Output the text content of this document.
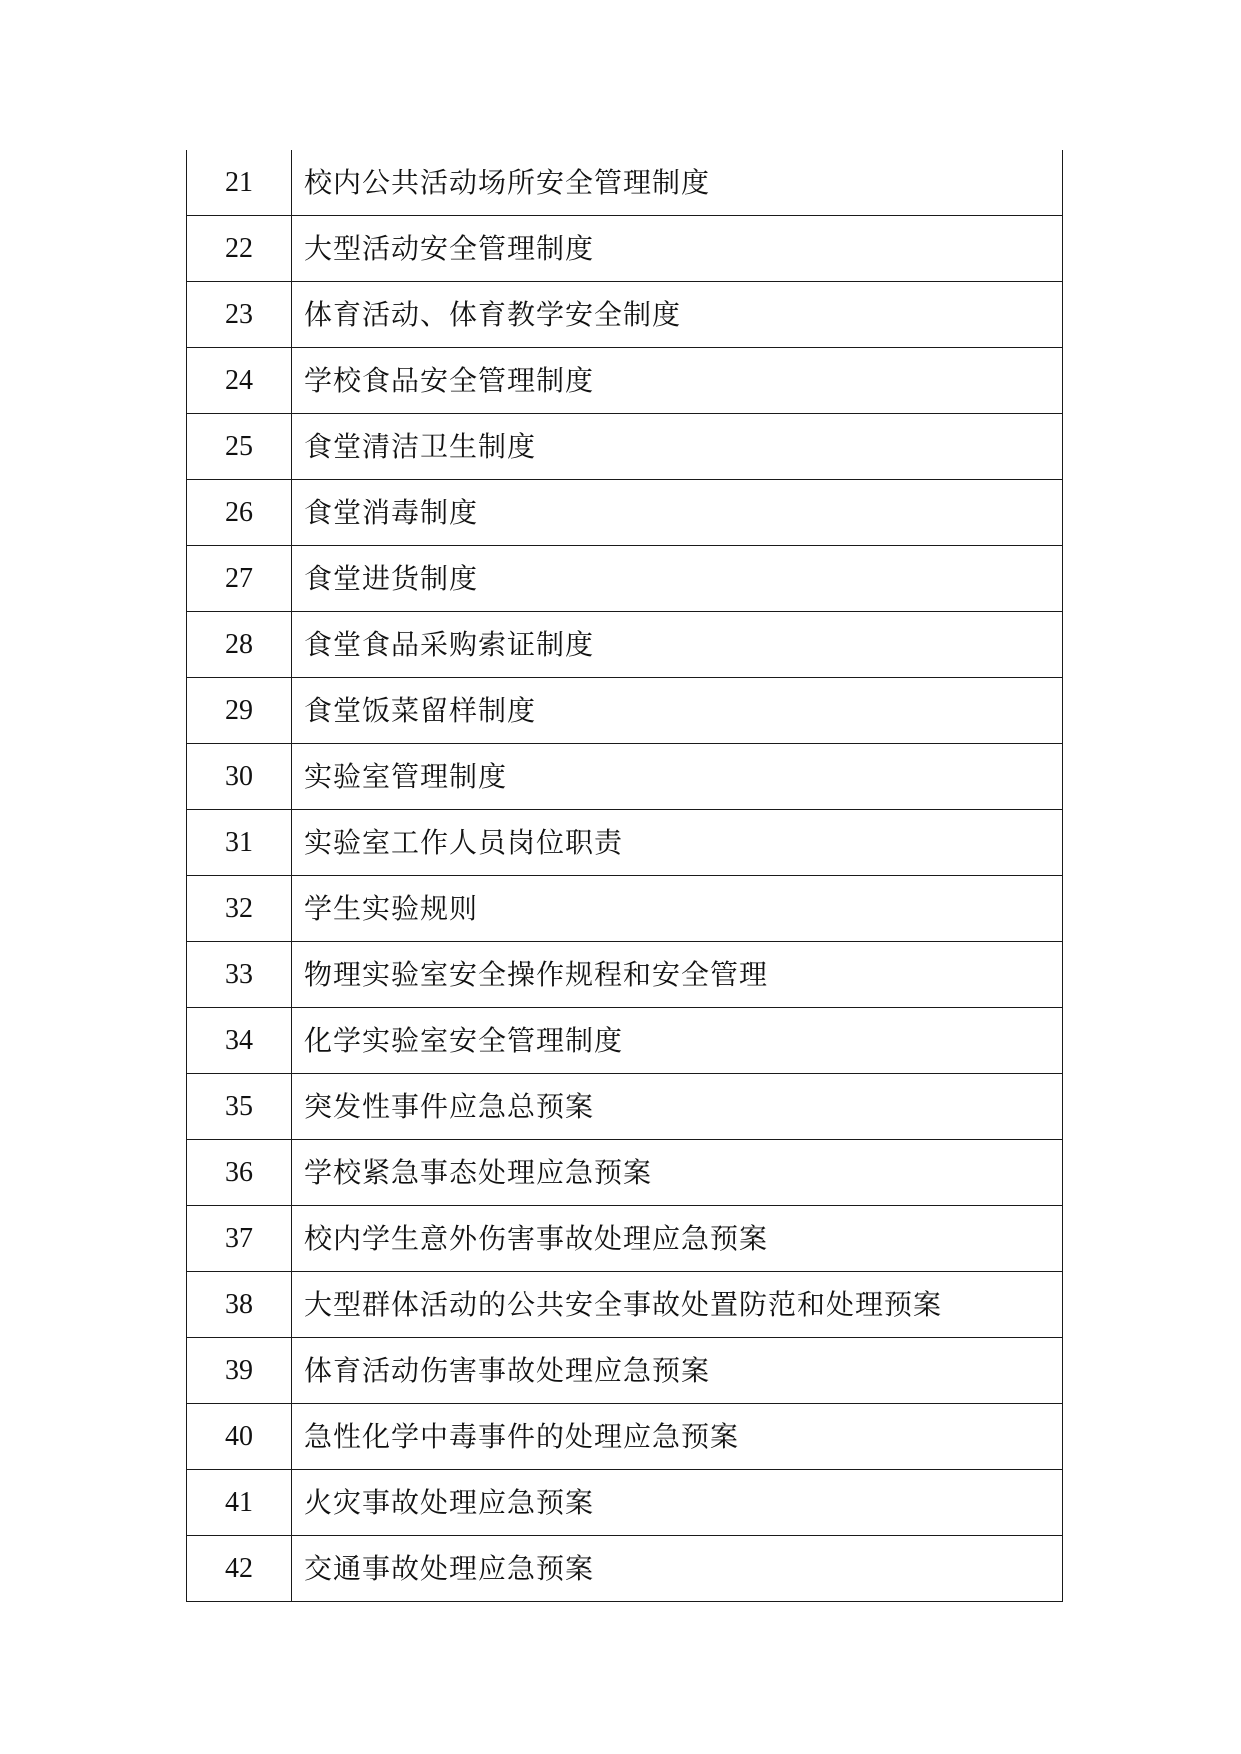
21	校内公共活动场所安全管理制度
22	大型活动安全管理制度
23	体育活动、体育教学安全制度
24	学校食品安全管理制度
25	食堂清洁卫生制度
26	食堂消毒制度
27	食堂进货制度
28	食堂食品采购索证制度
29	食堂饭菜留样制度
30	实验室管理制度
31	实验室工作人员岗位职责
32	学生实验规则
33	物理实验室安全操作规程和安全管理
34	化学实验室安全管理制度
35	突发性事件应急总预案
36	学校紧急事态处理应急预案
37	校内学生意外伤害事故处理应急预案
38	大型群体活动的公共安全事故处置防范和处理预案
39	体育活动伤害事故处理应急预案
40	急性化学中毒事件的处理应急预案
41	火灾事故处理应急预案
42	交通事故处理应急预案
